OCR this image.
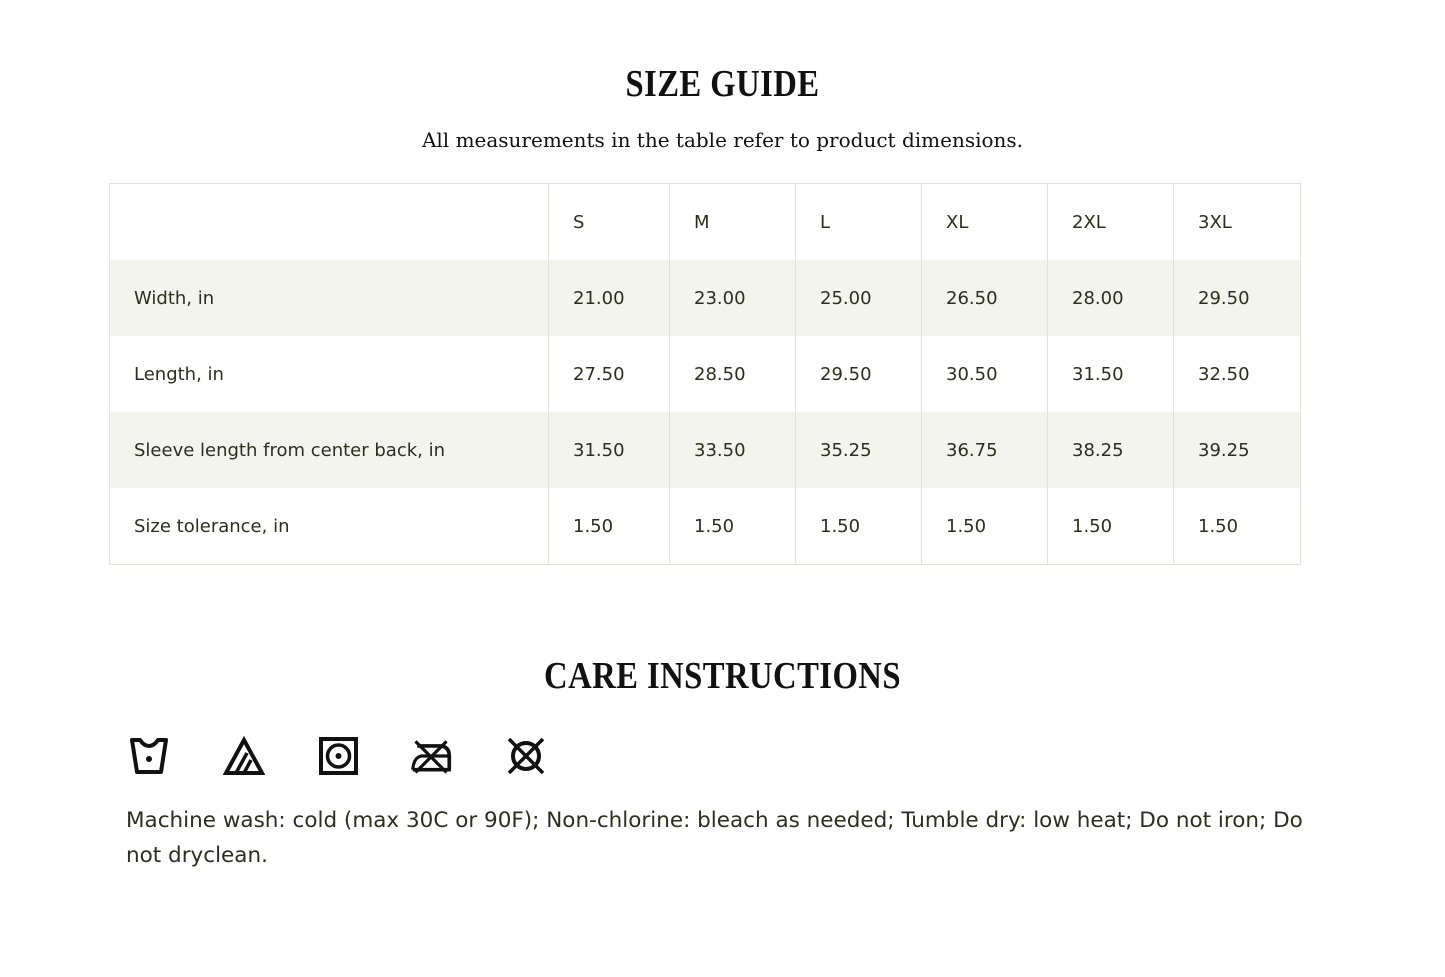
SIZE GUIDE

All measurements in the table refer to product dimensions.

	S	M	L	XL	2XL	3XL
Width, in	21.00	23.00	25.00	26.50	28.00	29.50
Length, in	27.50	28.50	29.50	30.50	31.50	32.50
Sleeve length from center back, in	31.50	33.50	35.25	36.75	38.25	39.25
Size tolerance, in	1.50	1.50	1.50	1.50	1.50	1.50
CARE INSTRUCTIONS

Machine wash: cold (max 30C or 90F); Non-chlorine: bleach as needed; Tumble dry: low heat; Do not iron; Do not dryclean.
